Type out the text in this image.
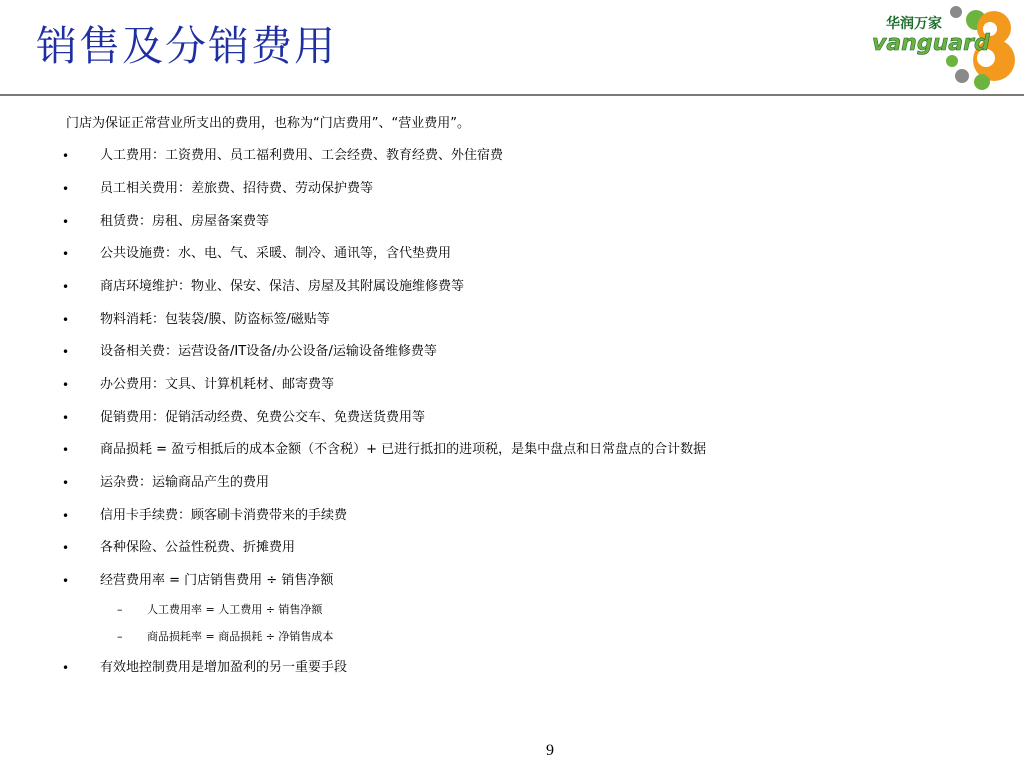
销售及分销费用	华润万家
vanguard
门店为保证正常营业所支出的费用，也称为“门店费用”、“营业费用”。
• 人工费用：工资费用、员工福利费用、工会经费、教育经费、外住宿费
• 员工相关费用：差旅费、招待费、劳动保护费等
• 租赁费：房租、房屋备案费等
• 公共设施费：水、电、气、采暖、制冷、通讯等，含代垫费用
• 商店环境维护：物业、保安、保洁、房屋及其附属设施维修费等
• 物料消耗：包装袋/膜、防盗标签/磁贴等
• 设备相关费：运营设备/IT设备/办公设备/运输设备维修费等
• 办公费用：文具、计算机耗材、邮寄费等
• 促销费用：促销活动经费、免费公交车、免费送货费用等
• 商品损耗 = 盈亏相抵后的成本金额（不含税）+ 已进行抵扣的进项税，是集中盘点和日常盘点的合计数据
• 运杂费：运输商品产生的费用
• 信用卡手续费：顾客刷卡消费带来的手续费
• 各种保险、公益性税费、折摊费用
• 经营费用率 = 门店销售费用 ÷ 销售净额
– 人工费用率 = 人工费用 ÷ 销售净额
– 商品损耗率 = 商品损耗 ÷ 净销售成本
• 有效地控制费用是增加盈利的另一重要手段
9
